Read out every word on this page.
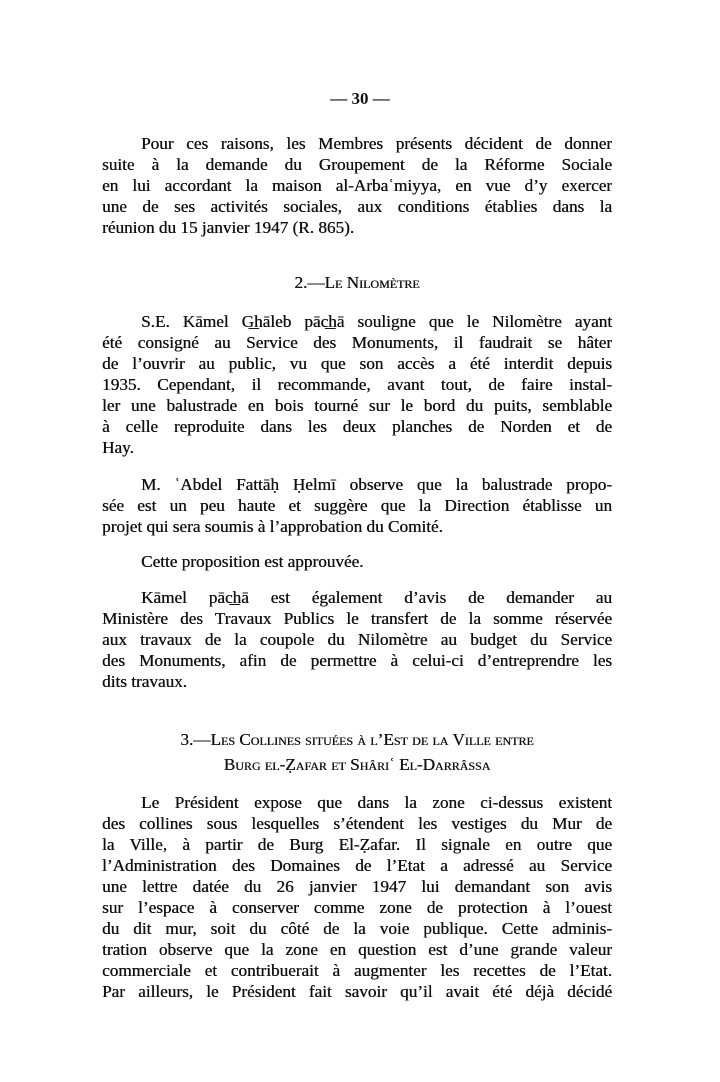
— 30 —
Pour ces raisons, les Membres présents décident de donner
suite à la demande du Groupement de la Réforme Sociale
en lui accordant la maison al-Arbaʿmiyya, en vue d’y exercer
une de ses activités sociales, aux conditions établies dans la
réunion du 15 janvier 1947 (R. 865).
2.—Le Nilomètre
S.E. Kāmel G͟hāleb pāc͟hā souligne que le Nilomètre ayant
été consigné au Service des Monuments, il faudrait se hâter
de l’ouvrir au public, vu que son accès a été interdit depuis
1935. Cependant, il recommande, avant tout, de faire instal-
ler une balustrade en bois tourné sur le bord du puits, semblable
à celle reproduite dans les deux planches de Norden et de
Hay.
M. ʿAbdel Fattāḥ Ḥelmī observe que la balustrade propo-
sée est un peu haute et suggère que la Direction établisse un
projet qui sera soumis à l’approbation du Comité.
Cette proposition est approuvée.
Kāmel pāc͟hā est également d’avis de demander au
Ministère des Travaux Publics le transfert de la somme réservée
aux travaux de la coupole du Nilomètre au budget du Service
des Monuments, afin de permettre à celui-ci d’entreprendre les
dits travaux.
3.—Les Collines situées à l’Est de la Ville entre
Burg el-Ẓafar et Shâriʿ El-Darrâssa
Le Président expose que dans la zone ci-dessus existent
des collines sous lesquelles s’étendent les vestiges du Mur de
la Ville, à partir de Burg El-Ẓafar. Il signale en outre que
l’Administration des Domaines de l’Etat a adressé au Service
une lettre datée du 26 janvier 1947 lui demandant son avis
sur l’espace à conserver comme zone de protection à l’ouest
du dit mur, soit du côté de la voie publique. Cette adminis-
tration observe que la zone en question est d’une grande valeur
commerciale et contribuerait à augmenter les recettes de l’Etat.
Par ailleurs, le Président fait savoir qu’il avait été déjà décidé
